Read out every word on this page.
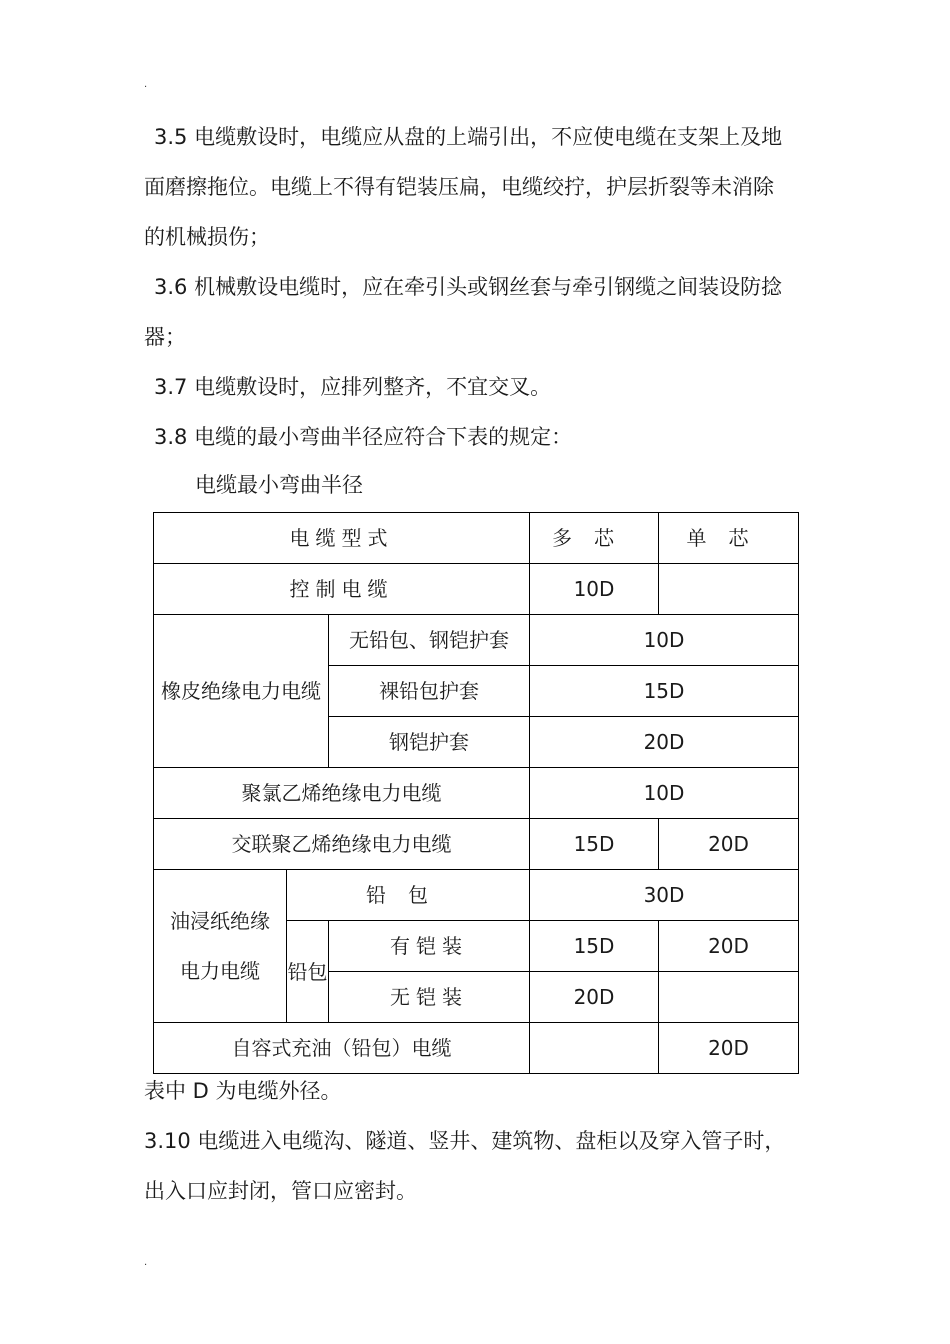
.

3.5 电缆敷设时，电缆应从盘的上端引出，不应使电缆在支架上及地
面磨擦拖位。电缆上不得有铠装压扁，电缆绞拧，护层折裂等未消除
的机械损伤；

3.6 机械敷设电缆时，应在牵引头或钢丝套与牵引钢缆之间装设防捻
器；

3.7 电缆敷设时，应排列整齐，不宜交叉。

3.8 电缆的最小弯曲半径应符合下表的规定：

电缆最小弯曲半径
电缆型式			多芯	单芯
控制电缆			10D	
橡皮绝缘电力电缆		无铅包、钢铠护套	10D	
		裸铅包护套	15D	
		钢铠护套	20D	
聚氯乙烯绝缘电力电缆			10D	
交联聚乙烯绝缘电力电缆			15D	20D
油浸纸绝缘电力电缆	铅包		30D	
	铅包	有铠装	15D	20D
		无铠装	20D	
自容式充油（铅包）电缆				20D
表中 D 为电缆外径。

3.10 电缆进入电缆沟、隧道、竖井、建筑物、盘柜以及穿入管子时，
出入口应封闭，管口应密封。

.
